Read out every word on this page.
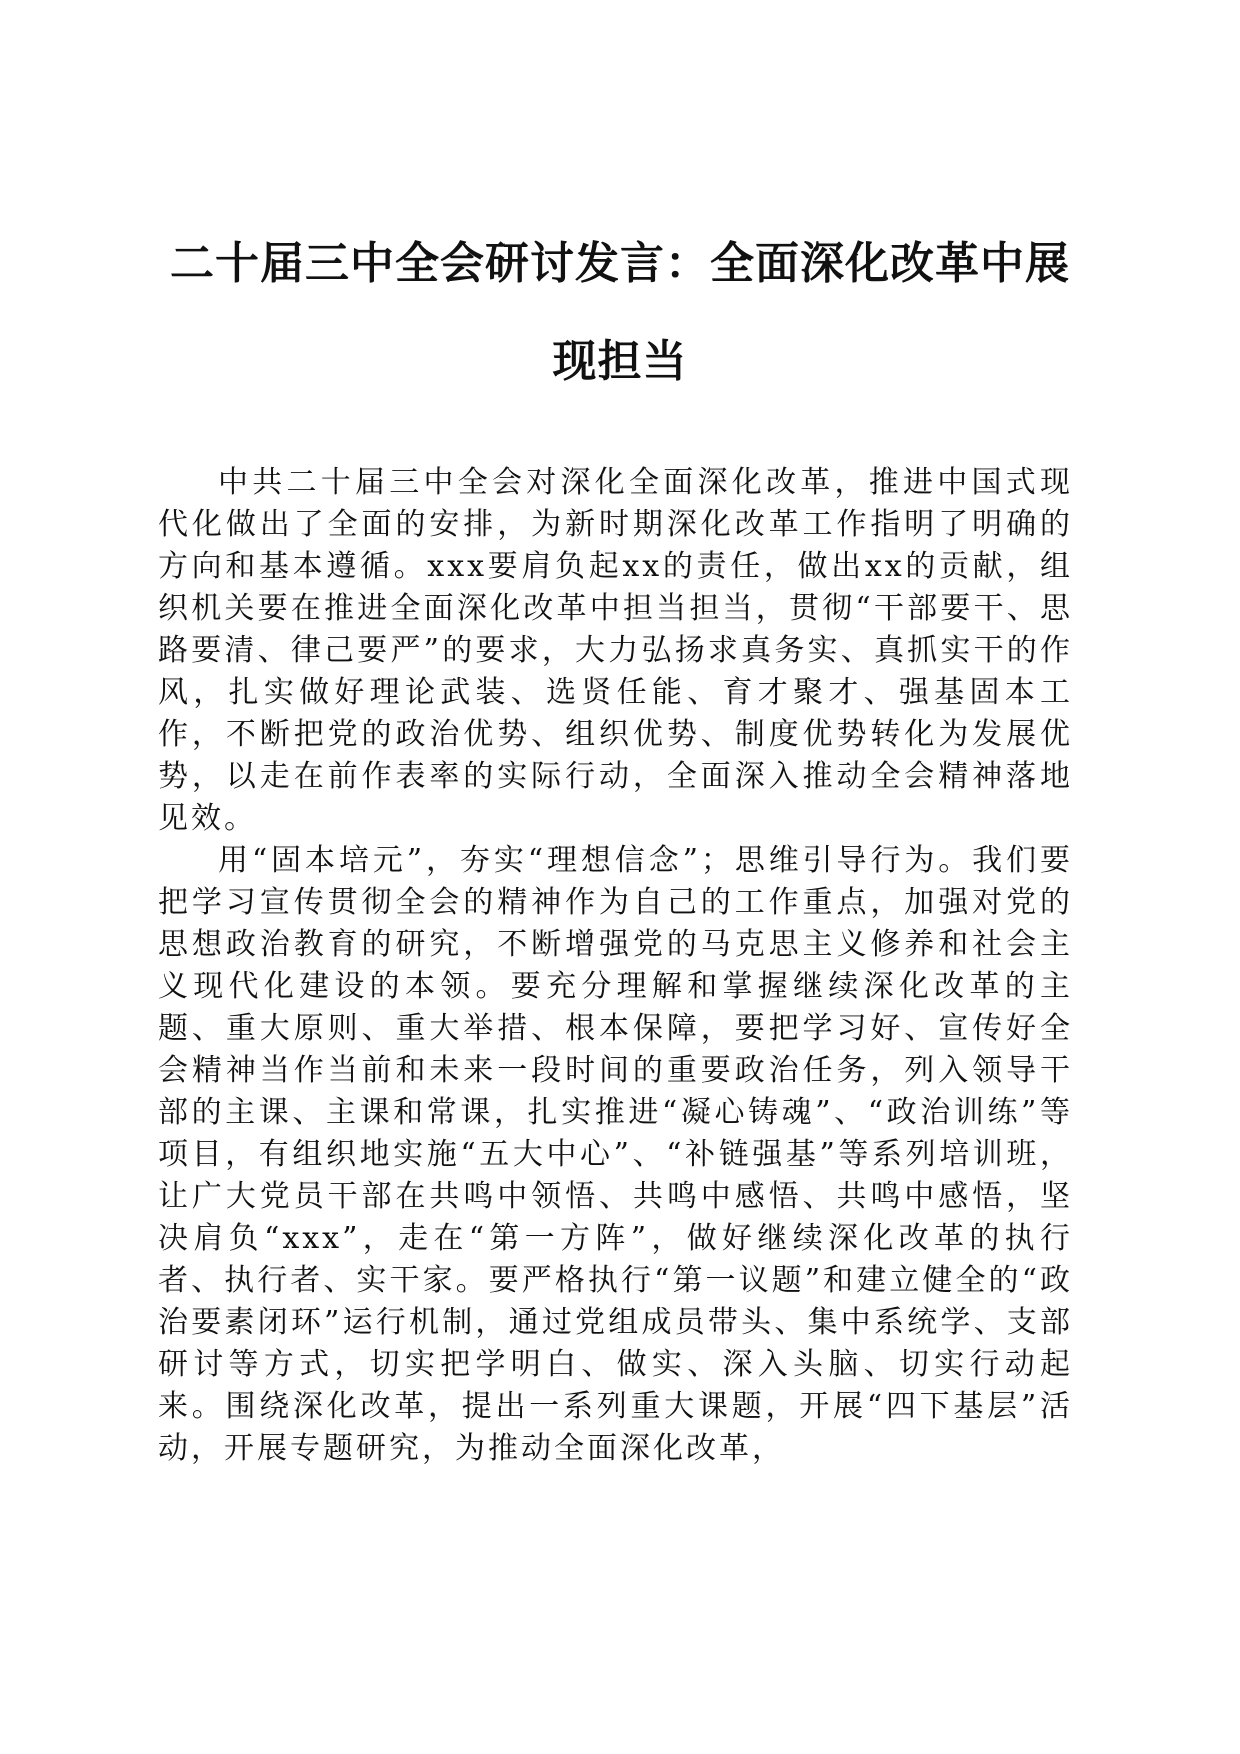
二十届三中全会研讨发言：全面深化改革中展现担当

中共二十届三中全会对深化全面深化改革，推进中国式现代化做出了全面的安排，为新时期深化改革工作指明了明确的方向和基本遵循。xxx要肩负起xx的责任，做出xx的贡献，组织机关要在推进全面深化改革中担当担当，贯彻“干部要干、思路要清、律己要严”的要求，大力弘扬求真务实、真抓实干的作风，扎实做好理论武装、选贤任能、育才聚才、强基固本工作，不断把党的政治优势、组织优势、制度优势转化为发展优势，以走在前作表率的实际行动，全面深入推动全会精神落地见效。

用“固本培元”，夯实“理想信念”；思维引导行为。我们要把学习宣传贯彻全会的精神作为自己的工作重点，加强对党的思想政治教育的研究，不断增强党的马克思主义修养和社会主义现代化建设的本领。要充分理解和掌握继续深化改革的主题、重大原则、重大举措、根本保障，要把学习好、宣传好全会精神当作当前和未来一段时间的重要政治任务，列入领导干部的主课、主课和常课，扎实推进“凝心铸魂”、“政治训练”等项目，有组织地实施“五大中心”、“补链强基”等系列培训班，让广大党员干部在共鸣中领悟、共鸣中感悟、共鸣中感悟，坚决肩负“xxx”，走在“第一方阵”，做好继续深化改革的执行者、执行者、实干家。要严格执行“第一议题”和建立健全的“政治要素闭环”运行机制，通过党组成员带头、集中系统学、支部研讨等方式，切实把学明白、做实、深入头脑、切实行动起来。围绕深化改革，提出一系列重大课题，开展“四下基层”活动，开展专题研究，为推动全面深化改革，
